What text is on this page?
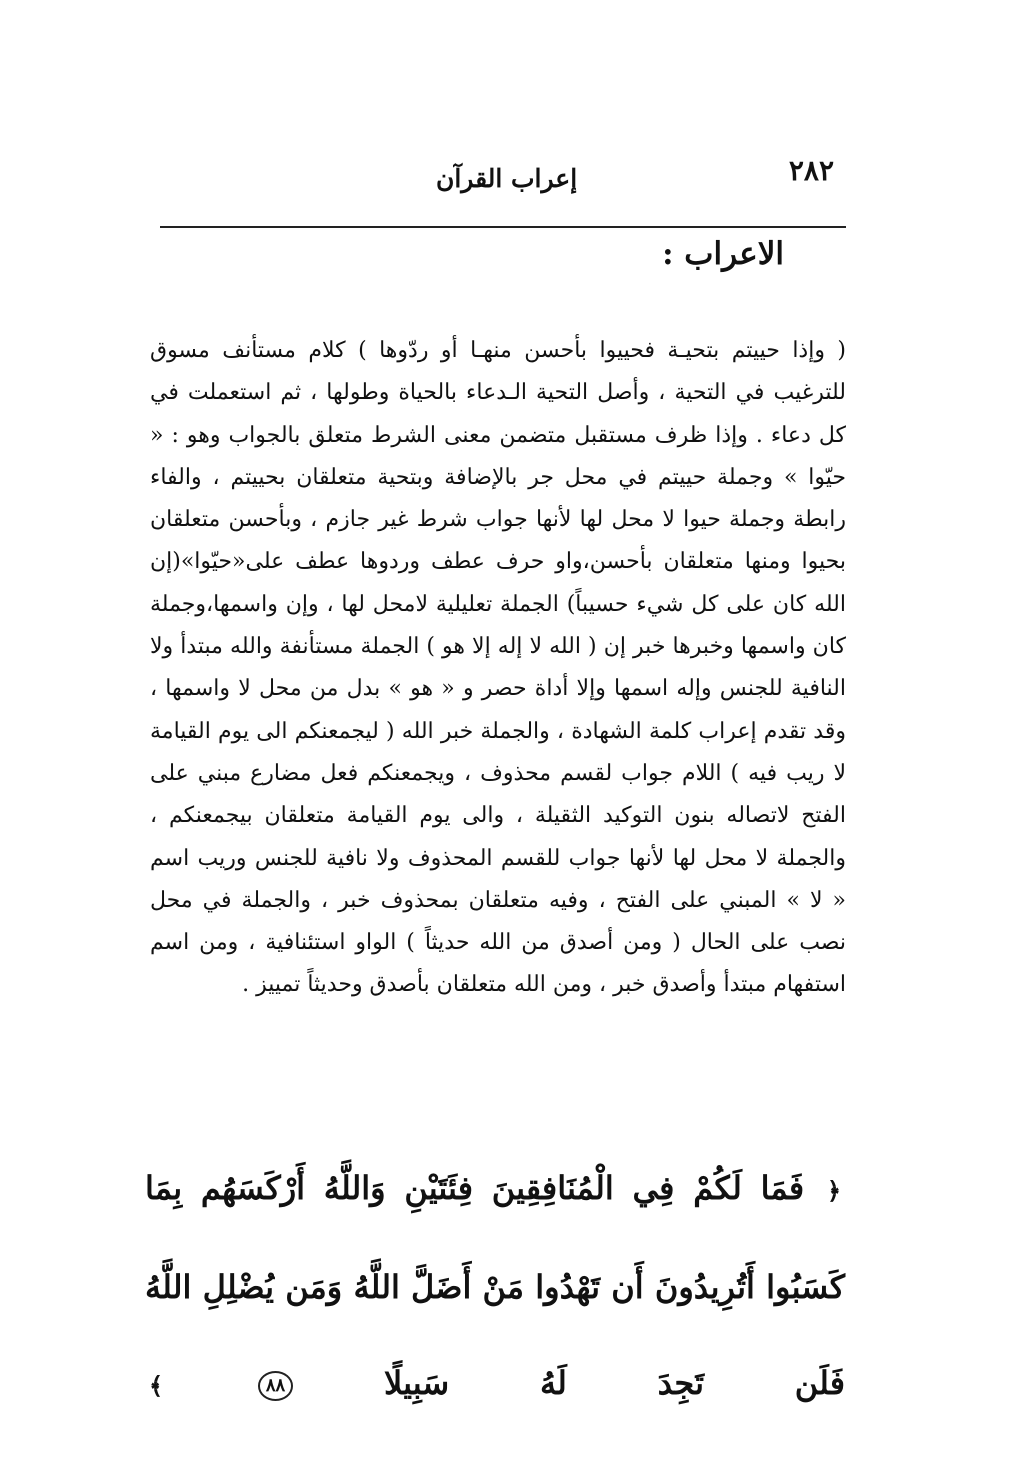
٢٨٢
إعراب القرآن
الاعراب :

( وإذا حييتم بتحيـة فحييوا بأحسن منهـا أو ردّوها ) كلام مستأنف مسوق للترغيب في التحية ، وأصل التحية الـدعاء بالحياة وطولها ، ثم استعملت في كل دعاء . وإذا ظرف مستقبل متضمن معنى الشرط متعلق بالجواب وهو : « حيّوا » وجملة حييتم في محل جر بالإضافة وبتحية متعلقان بحييتم ، والفاء رابطة وجملة حيوا لا محل لها لأنها جواب شرط غير جازم ، وبأحسن متعلقان بحيوا ومنها متعلقان بأحسن،واو حرف عطف وردوها عطف على«حيّوا»(إن الله كان على كل شيء حسيباً) الجملة تعليلية لامحل لها ، وإن واسمها،وجملة كان واسمها وخبرها خبر إن ( الله لا إله إلا هو ) الجملة مستأنفة والله مبتدأ ولا النافية للجنس وإله اسمها وإلا أداة حصر و « هو » بدل من محل لا واسمها ، وقد تقدم إعراب كلمة الشهادة ، والجملة خبر الله ( ليجمعنكم الى يوم القيامة لا ريب فيه ) اللام جواب لقسم محذوف ، ويجمعنكم فعل مضارع مبني على الفتح لاتصاله بنون التوكيد الثقيلة ، والى يوم القيامة متعلقان بيجمعنكم ، والجملة لا محل لها لأنها جواب للقسم المحذوف ولا نافية للجنس وريب اسم « لا » المبني على الفتح ، وفيه متعلقان بمحذوف خبر ، والجملة في محل نصب على الحال ( ومن أصدق من الله حديثاً ) الواو استئنافية ، ومن اسم استفهام مبتدأ وأصدق خبر ، ومن الله متعلقان بأصدق وحديثاً تمييز .

﴿ فَمَا لَكُمْ فِي الْمُنَافِقِينَ فِئَتَيْنِ وَاللَّهُ أَرْكَسَهُم بِمَا كَسَبُوا أَتُرِيدُونَ أَن تَهْدُوا مَنْ أَضَلَّ اللَّهُ وَمَن يُضْلِلِ اللَّهُ فَلَن تَجِدَ لَهُ سَبِيلًا ٨٨ ﴾
